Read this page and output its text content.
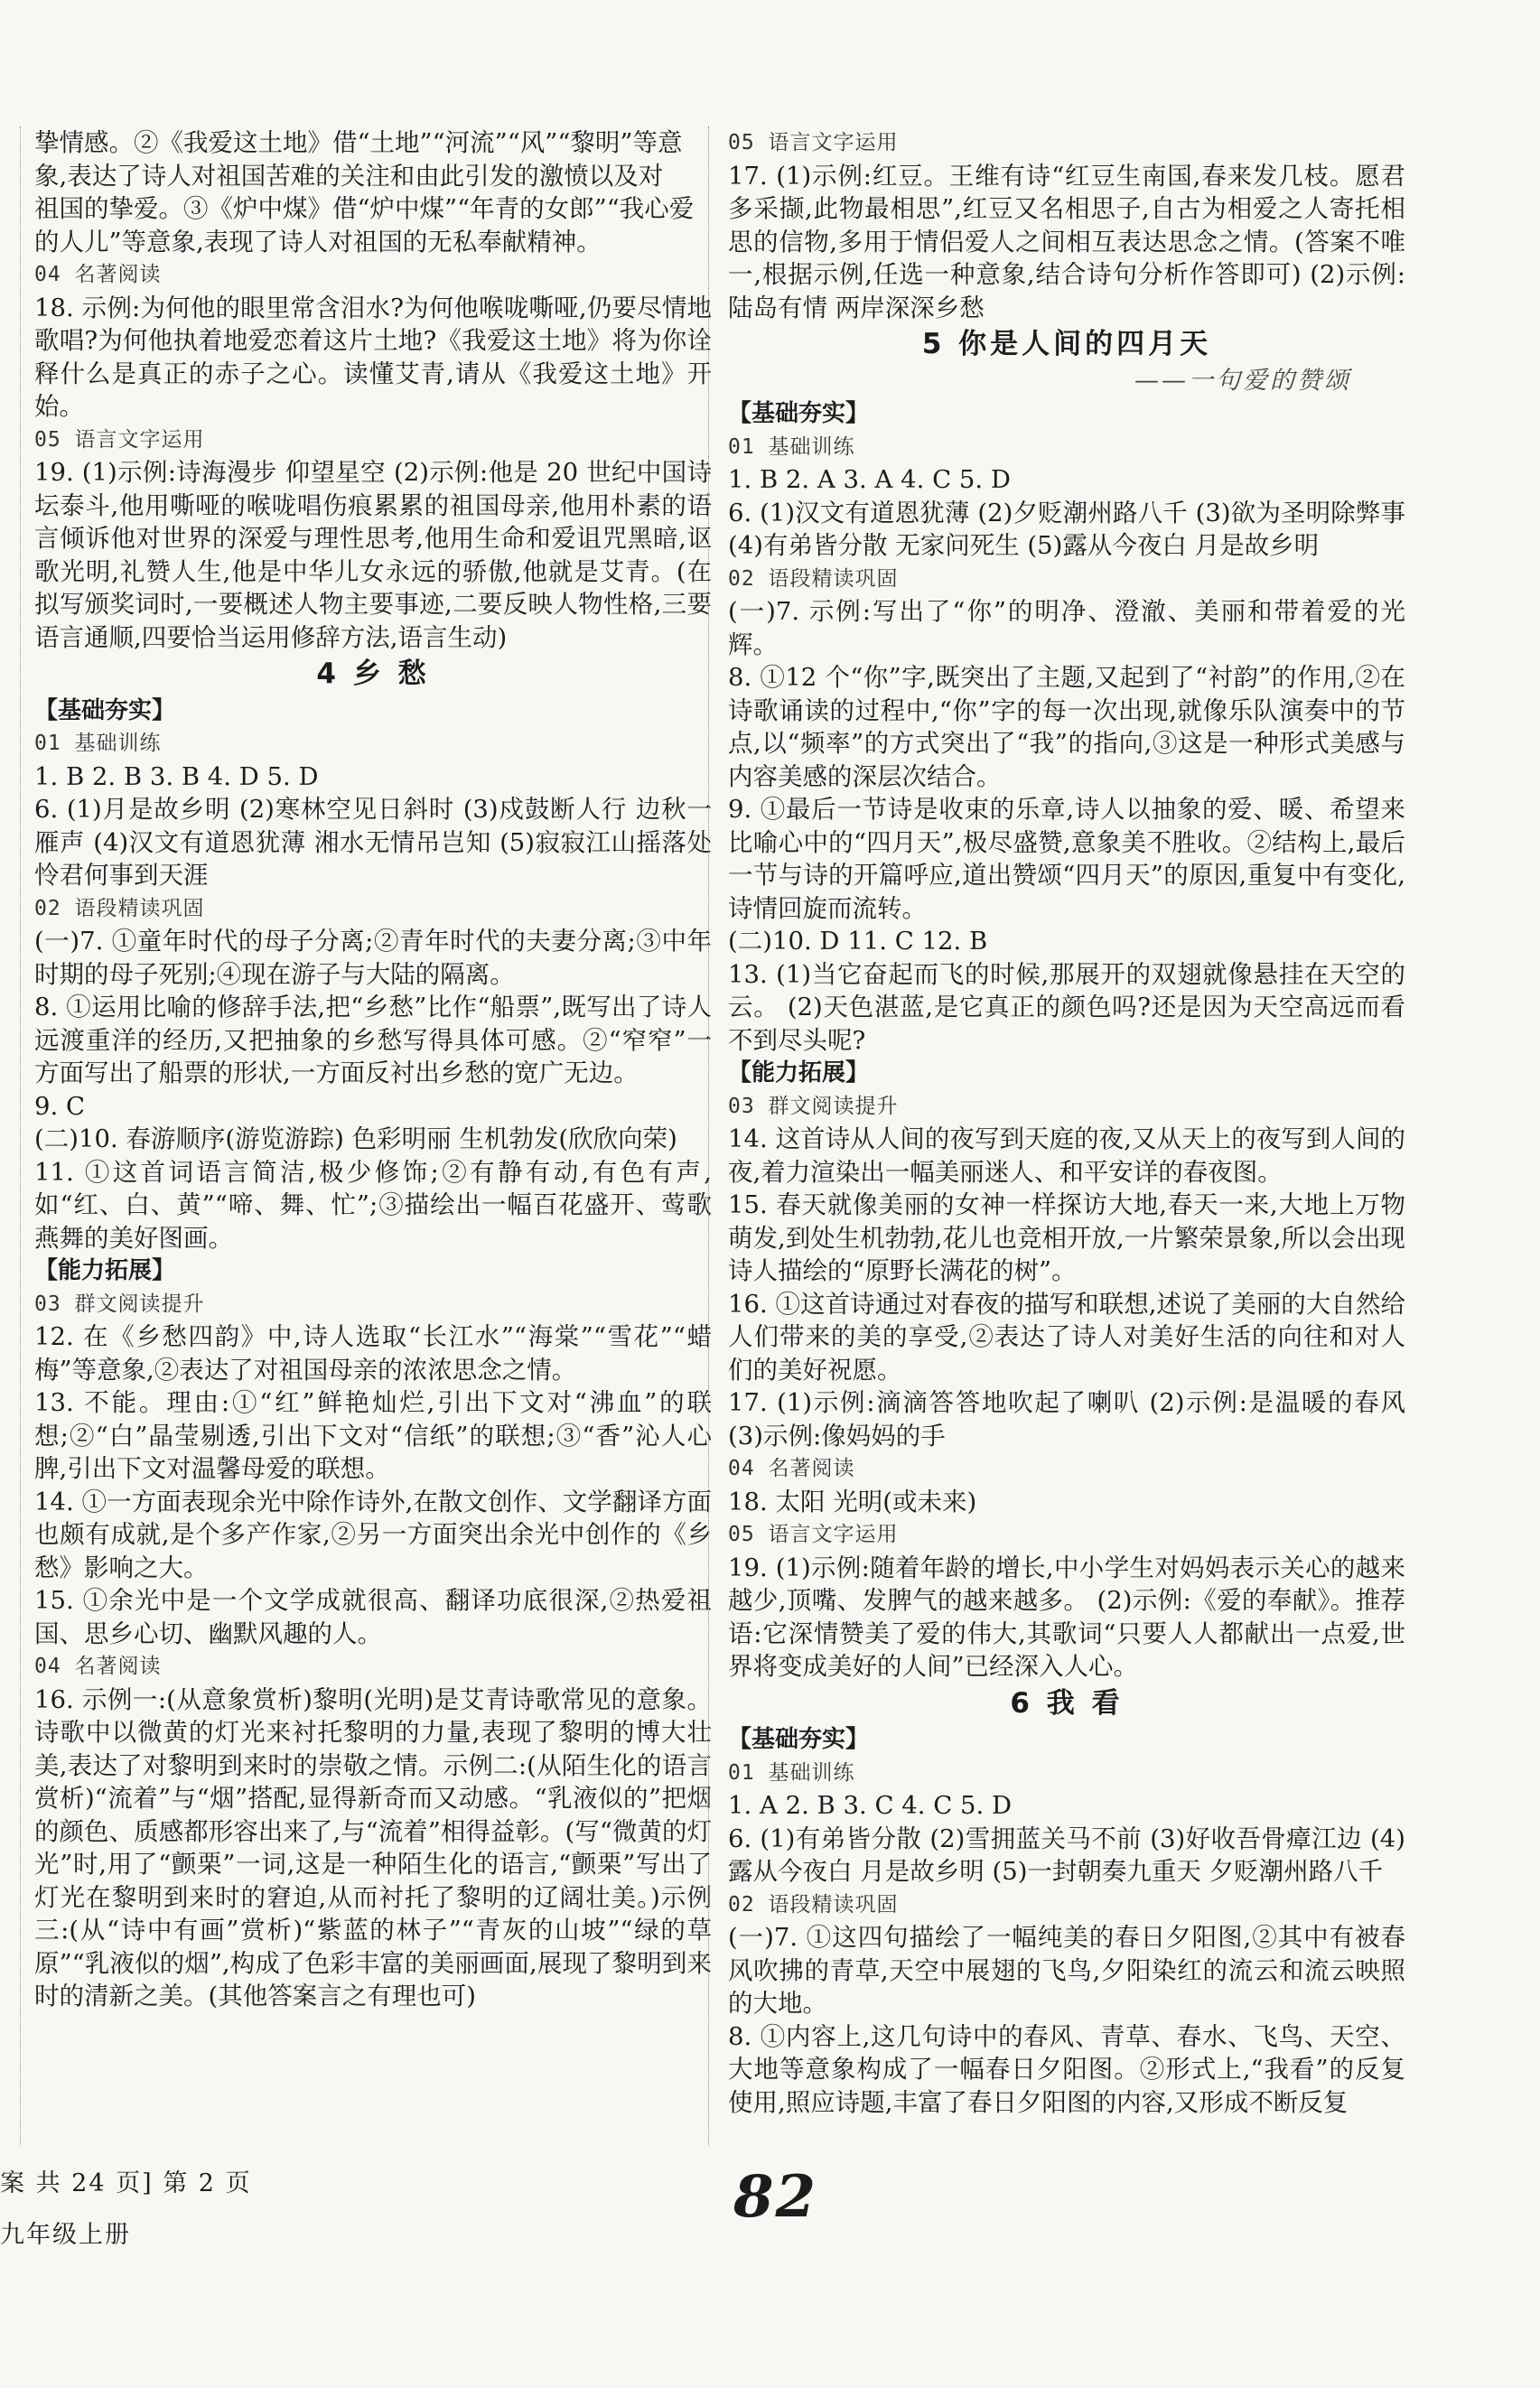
挚情感。②《我爱这土地》借“土地”“河流”“风”“黎明”等意

象,表达了诗人对祖国苦难的关注和由此引发的激愤以及对

祖国的挚爱。③《炉中煤》借“炉中煤”“年青的女郎”“我心爱

的人儿”等意象,表现了诗人对祖国的无私奉献精神。

04 名著阅读

18. 示例:为何他的眼里常含泪水?为何他喉咙嘶哑,仍要尽情地歌唱?为何他执着地爱恋着这片土地?《我爱这土地》将为你诠释什么是真正的赤子之心。读懂艾青,请从《我爱这土地》开始。

05 语言文字运用

19. (1)示例:诗海漫步 仰望星空 (2)示例:他是 20 世纪中国诗坛泰斗,他用嘶哑的喉咙唱伤痕累累的祖国母亲,他用朴素的语言倾诉他对世界的深爱与理性思考,他用生命和爱诅咒黑暗,讴歌光明,礼赞人生,他是中华儿女永远的骄傲,他就是艾青。(在拟写颁奖词时,一要概述人物主要事迹,二要反映人物性格,三要语言通顺,四要恰当运用修辞方法,语言生动)

4 乡 愁

【基础夯实】

01 基础训练

1. B 2. B 3. B 4. D 5. D

6. (1)月是故乡明 (2)寒林空见日斜时 (3)戍鼓断人行 边秋一雁声 (4)汉文有道恩犹薄 湘水无情吊岂知 (5)寂寂江山摇落处 怜君何事到天涯

02 语段精读巩固

(一)7. ①童年时代的母子分离;②青年时代的夫妻分离;③中年时期的母子死别;④现在游子与大陆的隔离。

8. ①运用比喻的修辞手法,把“乡愁”比作“船票”,既写出了诗人远渡重洋的经历,又把抽象的乡愁写得具体可感。②“窄窄”一方面写出了船票的形状,一方面反衬出乡愁的宽广无边。

9. C

(二)10. 春游顺序(游览游踪) 色彩明丽 生机勃发(欣欣向荣)

11. ①这首词语言简洁,极少修饰;②有静有动,有色有声,如“红、白、黄”“啼、舞、忙”;③描绘出一幅百花盛开、莺歌燕舞的美好图画。

【能力拓展】

03 群文阅读提升

12. 在《乡愁四韵》中,诗人选取“长江水”“海棠”“雪花”“蜡梅”等意象,②表达了对祖国母亲的浓浓思念之情。

13. 不能。理由:①“红”鲜艳灿烂,引出下文对“沸血”的联想;②“白”晶莹剔透,引出下文对“信纸”的联想;③“香”沁人心脾,引出下文对温馨母爱的联想。

14. ①一方面表现余光中除作诗外,在散文创作、文学翻译方面也颇有成就,是个多产作家,②另一方面突出余光中创作的《乡愁》影响之大。

15. ①余光中是一个文学成就很高、翻译功底很深,②热爱祖国、思乡心切、幽默风趣的人。

04 名著阅读

16. 示例一:(从意象赏析)黎明(光明)是艾青诗歌常见的意象。诗歌中以微黄的灯光来衬托黎明的力量,表现了黎明的博大壮美,表达了对黎明到来时的崇敬之情。示例二:(从陌生化的语言赏析)“流着”与“烟”搭配,显得新奇而又动感。“乳液似的”把烟的颜色、质感都形容出来了,与“流着”相得益彰。(写“微黄的灯光”时,用了“颤栗”一词,这是一种陌生化的语言,“颤栗”写出了灯光在黎明到来时的窘迫,从而衬托了黎明的辽阔壮美。)示例三:(从“诗中有画”赏析)“紫蓝的林子”“青灰的山坡”“绿的草原”“乳液似的烟”,构成了色彩丰富的美丽画面,展现了黎明到来时的清新之美。(其他答案言之有理也可)

05 语言文字运用

17. (1)示例:红豆。王维有诗“红豆生南国,春来发几枝。愿君多采撷,此物最相思”,红豆又名相思子,自古为相爱之人寄托相思的信物,多用于情侣爱人之间相互表达思念之情。(答案不唯一,根据示例,任选一种意象,结合诗句分析作答即可) (2)示例:陆岛有情 两岸深深乡愁

5 你是人间的四月天

——一句爱的赞颂

【基础夯实】

01 基础训练

1. B 2. A 3. A 4. C 5. D

6. (1)汉文有道恩犹薄 (2)夕贬潮州路八千 (3)欲为圣明除弊事 (4)有弟皆分散 无家问死生 (5)露从今夜白 月是故乡明

02 语段精读巩固

(一)7. 示例:写出了“你”的明净、澄澈、美丽和带着爱的光辉。

8. ①12 个“你”字,既突出了主题,又起到了“衬韵”的作用,②在诗歌诵读的过程中,“你”字的每一次出现,就像乐队演奏中的节点,以“频率”的方式突出了“我”的指向,③这是一种形式美感与内容美感的深层次结合。

9. ①最后一节诗是收束的乐章,诗人以抽象的爱、暖、希望来比喻心中的“四月天”,极尽盛赞,意象美不胜收。②结构上,最后一节与诗的开篇呼应,道出赞颂“四月天”的原因,重复中有变化,诗情回旋而流转。

(二)10. D 11. C 12. B

13. (1)当它奋起而飞的时候,那展开的双翅就像悬挂在天空的云。 (2)天色湛蓝,是它真正的颜色吗?还是因为天空高远而看不到尽头呢?

【能力拓展】

03 群文阅读提升

14. 这首诗从人间的夜写到天庭的夜,又从天上的夜写到人间的夜,着力渲染出一幅美丽迷人、和平安详的春夜图。

15. 春天就像美丽的女神一样探访大地,春天一来,大地上万物萌发,到处生机勃勃,花儿也竞相开放,一片繁荣景象,所以会出现诗人描绘的“原野长满花的树”。

16. ①这首诗通过对春夜的描写和联想,述说了美丽的大自然给人们带来的美的享受,②表达了诗人对美好生活的向往和对人们的美好祝愿。

17. (1)示例:滴滴答答地吹起了喇叭 (2)示例:是温暖的春风 (3)示例:像妈妈的手

04 名著阅读

18. 太阳 光明(或未来)

05 语言文字运用

19. (1)示例:随着年龄的增长,中小学生对妈妈表示关心的越来越少,顶嘴、发脾气的越来越多。 (2)示例:《爱的奉献》。推荐语:它深情赞美了爱的伟大,其歌词“只要人人都献出一点爱,世界将变成美好的人间”已经深入人心。

6 我 看

【基础夯实】

01 基础训练

1. A 2. B 3. C 4. C 5. D

6. (1)有弟皆分散 (2)雪拥蓝关马不前 (3)好收吾骨瘴江边 (4)露从今夜白 月是故乡明 (5)一封朝奏九重天 夕贬潮州路八千

02 语段精读巩固

(一)7. ①这四句描绘了一幅纯美的春日夕阳图,②其中有被春风吹拂的青草,天空中展翅的飞鸟,夕阳染红的流云和流云映照的大地。

8. ①内容上,这几句诗中的春风、青草、春水、飞鸟、天空、大地等意象构成了一幅春日夕阳图。②形式上,“我看”的反复使用,照应诗题,丰富了春日夕阳图的内容,又形成不断反复

案 共 24 页] 第 2 页
九年级上册
82
